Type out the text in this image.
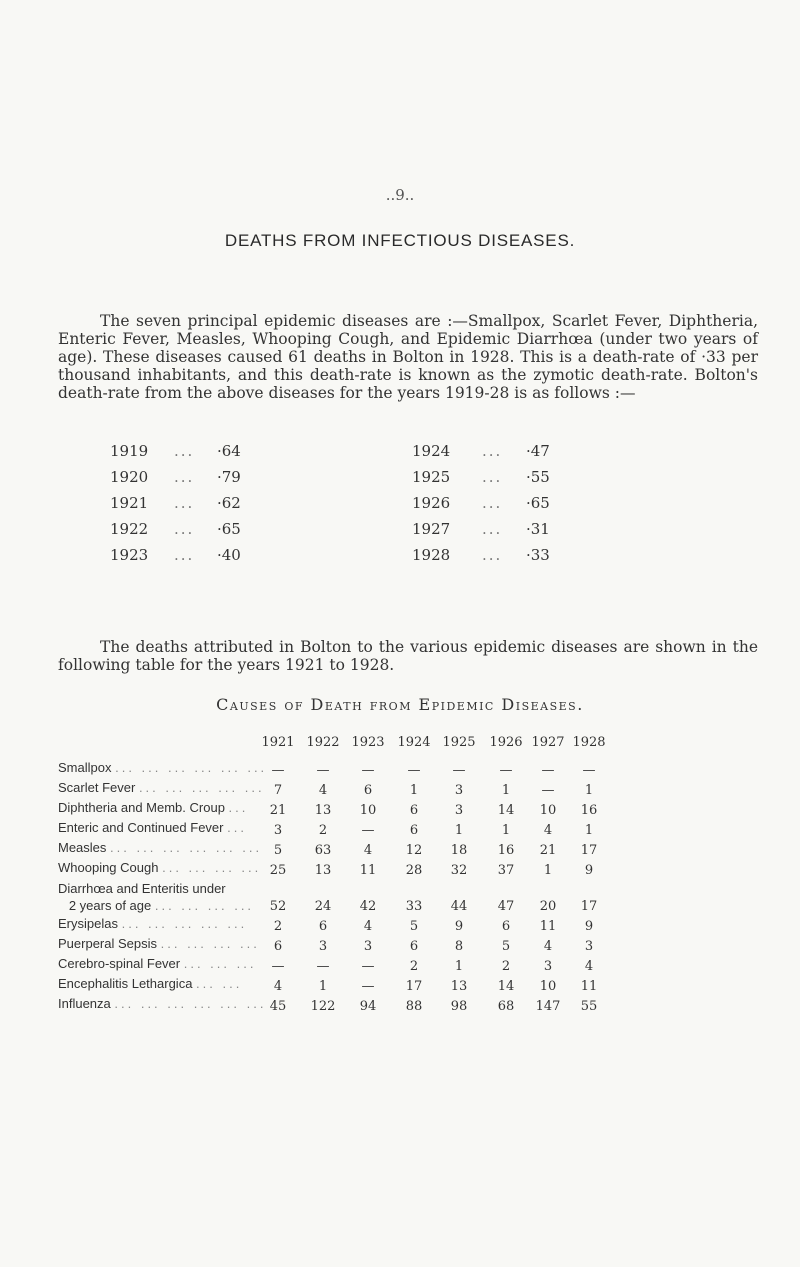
..9..
DEATHS FROM INFECTIOUS DISEASES.

The seven principal epidemic diseases are :—Smallpox, Scarlet Fever, Diphtheria, Enteric Fever, Measles, Whooping Cough, and Epidemic Diarrhœa (under two years of age). These diseases caused 61 deaths in Bolton in 1928. This is a death-rate of ·33 per thousand inhabitants, and this death-rate is known as the zymotic death-rate. Bolton's death-rate from the above diseases for the years 1919-28 is as follows :—

1919 ... ·64	1924 ... ·47
1920 ... ·79	1925 ... ·55
1921 ... ·62	1926 ... ·65
1922 ... ·65	1927 ... ·31
1923 ... ·40	1928 ... ·33

The deaths attributed in Bolton to the various epidemic diseases are shown in the following table for the years 1921 to 1928.

Causes of Death from Epidemic Diseases.
1921 1922 1923 1924 1925 1926 1927 1928
Smallpox ... ... ... ... ... ... —	—	—	—	—	—	—	—
Scarlet Fever ... ... ... ... ... 7	4	6	1	3	1	—	1
Diphtheria and Memb. Croup ...	21	13	10	6	3	14	10	16
Enteric and Continued Fever ...	3	2	—	6	1	1	4	1
Measles ... ... ... ... ... ... 5	63	4	12	18	16	21	17
Whooping Cough ... ... ... ... 25	13	11	28	32	37	1	9
Diarrhœa and Enteritis under
2 years of age ... ... ... ...	52	24	42	33	44	47	20	17
Erysipelas ... ... ... ... ...	2	6	4	5	9	6	11	9
Puerperal Sepsis ... ... ... ...	6	3	3	6	8	5	4	3
Cerebro-spinal Fever ... ... ...	—	—	—	2	1	2	3	4
Encephalitis Lethargica ... ...	4	1	—	17	13	14	10	11
Influenza ... ... ... ... ... ... 45	122	94	88	98	68	147	55
